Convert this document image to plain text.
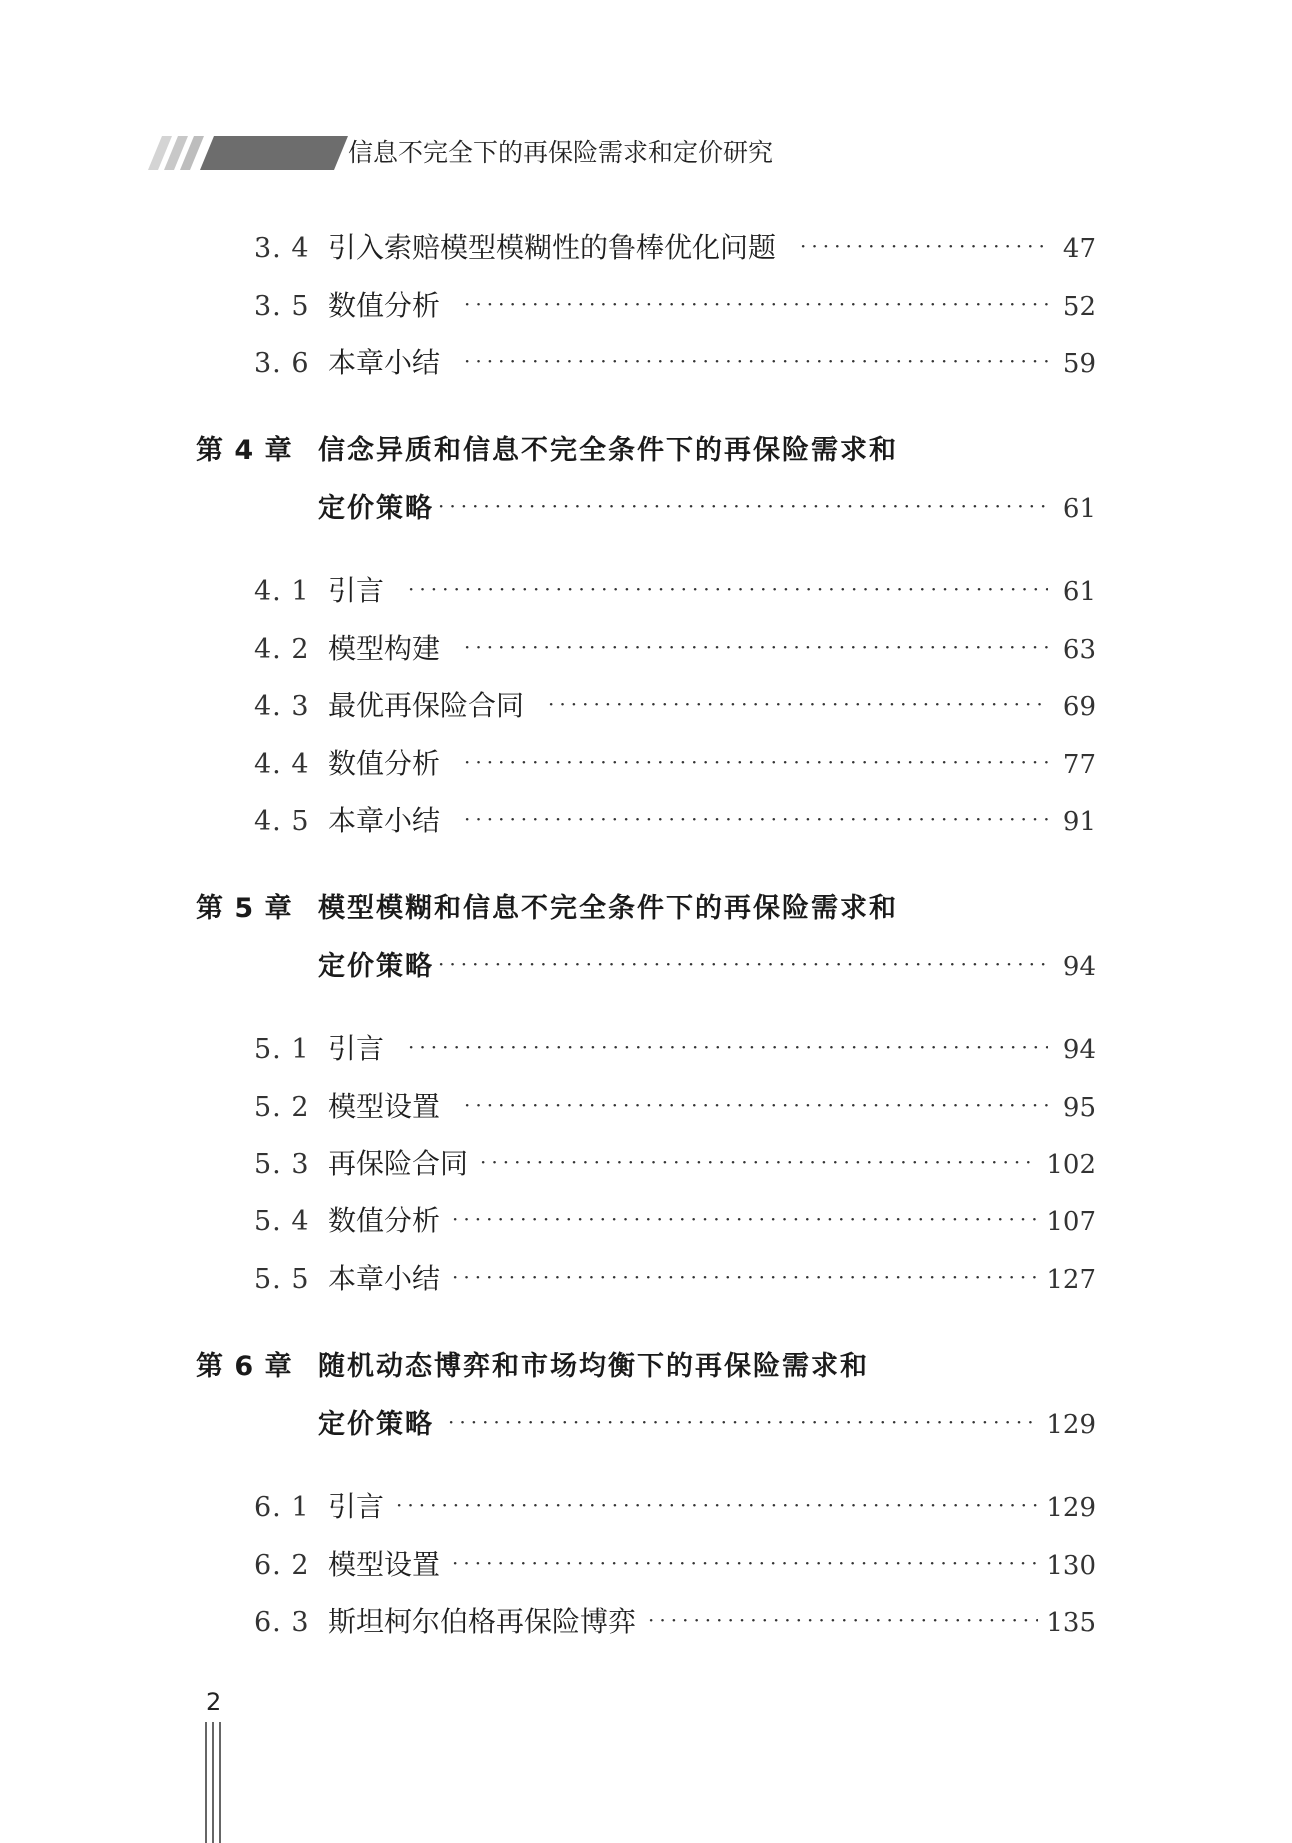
信息不完全下的再保险需求和定价研究
3. 4 引入索赔模型模糊性的鲁棒优化问题 ·····	47
3. 5 数值分析 ·····	52
3. 6 本章小结 ·····	59
第 4 章 信念异质和信息不完全条件下的再保险需求和
定价策略 ·····	61
4. 1 引言 ·····	61
4. 2 模型构建 ·····	63
4. 3 最优再保险合同 ·····	69
4. 4 数值分析 ·····	77
4. 5 本章小结 ·····	91
第 5 章 模型模糊和信息不完全条件下的再保险需求和
定价策略 ·····	94
5. 1 引言 ·····	94
5. 2 模型设置 ·····	95
5. 3 再保险合同 ·····	102
5. 4 数值分析 ·····	107
5. 5 本章小结 ·····	127
第 6 章 随机动态博弈和市场均衡下的再保险需求和
定价策略 ·····	129
6. 1 引言 ·····	129
6. 2 模型设置 ·····	130
6. 3 斯坦柯尔伯格再保险博弈 ·····	135
2
